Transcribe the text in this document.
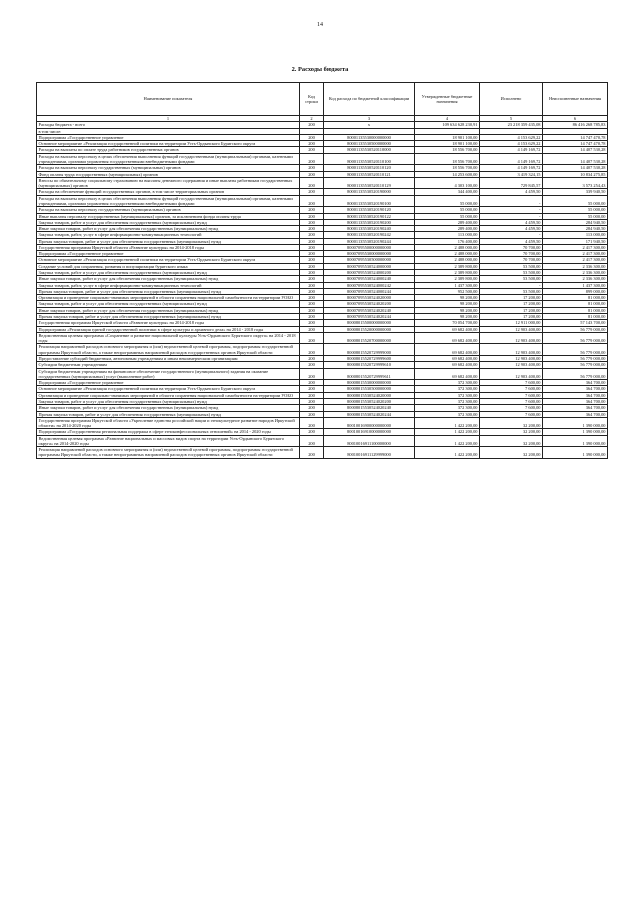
14
2. Расходы бюджета
Наименование показателя	Код строки	Код расхода по бюджетной классификации	Утвержденные бюджетные назначения	Исполнено	Неисполненные назначения
1	2	3	4	5	6
Расходы бюджета - всего	200	x	109 634 628 230,91	23 218 359 435,08	86 416 268 785,83
в том числе:					
Подпрограмма «Государственное управление	200	80001135530000000000	18 901 100,00	4 153 629,22	14 747 470,78
Основное мероприятие «Реализация государственной политики на территории Усть-Ордынского Бурятского округа	200	80001135530500000000	18 901 100,00	4 153 629,22	14 747 470,78
Расходы на выплаты по оплате труда работников государственных органов	200	80001135530520110000	18 556 700,00	4 149 169,72	14 407 530,28
Расходы на выплаты персоналу в целях обеспечения выполнения функций государственными (муниципальными) органами, казенными учреждениями, органами управления государственными внебюджетными фондами	200	80001135530520110100	18 556 700,00	4 149 169,72	14 407 530,28
Расходы на выплаты персоналу государственных (муниципальных) органов	200	80001135530520110120	18 556 700,00	4 149 169,72	14 407 530,28
Фонд оплаты труда государственных (муниципальных) органов	200	80001135530520110121	14 253 600,00	3 419 324,15	10 834 275,85
Взносы по обязательному социальному страхованию на выплаты денежного содержания и иные выплаты работникам государственных (муниципальных) органов	200	80001135530520110129	4 303 100,00	729 845,57	3 573 254,43
Расходы на обеспечение функций государственных органов, в том числе территориальных органов	200	80001135530520190000	344 400,00	4 459,50	339 940,50
Расходы на выплаты персоналу в целях обеспечения выполнения функций государственными (муниципальными) органами, казенными учреждениями, органами управления государственными внебюджетными фондами	200	80001135530520190100	55 000,00	-	55 000,00
Расходы на выплаты персоналу государственных (муниципальных) органов	200	80001135530520190120	55 000,00	-	55 000,00
Иные выплаты персоналу государственных (муниципальных) органов, за исключением фонда оплаты труда	200	80001135530520190122	55 000,00	-	55 000,00
Закупка товаров, работ и услуг для обеспечения государственных (муниципальных) нужд	200	80001135530520190200	289 400,00	4 459,50	284 940,50
Иные закупки товаров, работ и услуг для обеспечения государственных (муниципальных) нужд	200	80001135530520190240	289 400,00	4 459,50	284 940,50
Закупка товаров, работ, услуг в сфере информационно-коммуникационных технологий	200	80001135530520190242	113 000,00	-	113 000,00
Прочая закупка товаров, работ и услуг для обеспечения государственных (муниципальных) нужд	200	80001135530520190244	176 400,00	4 459,50	171 940,50
Государственная программа Иркутской области «Развитие культуры» на 2014-2018 годы	200	80007095500000000000	2 488 000,00	70 700,00	2 417 300,00
Подпрограмма «Государственное управление	200	80007095530000000000	2 488 000,00	70 700,00	2 417 300,00
Основное мероприятие «Реализация государственной политики на территории Усть-Ордынского Бурятского округа	200	80007095530500000000	2 488 000,00	70 700,00	2 417 300,00
Создание условий для сохранения, развития и популяризации бурятского языка	200	80007095530524000000	2 389 800,00	53 500,00	2 336 300,00
Закупка товаров, работ и услуг для обеспечения государственных (муниципальных) нужд	200	80007095530524000200	2 389 800,00	53 500,00	2 336 300,00
Иные закупки товаров, работ и услуг для обеспечения государственных (муниципальных) нужд	200	80007095530524000240	2 389 800,00	53 500,00	2 336 300,00
Закупка товаров, работ, услуг в сфере информационно-коммуникационных технологий	200	80007095530524000242	1 437 300,00	-	1 437 300,00
Прочая закупка товаров, работ и услуг для обеспечения государственных (муниципальных) нужд	200	80007095530524000244	952 500,00	53 500,00	899 000,00
Организация и проведение социально-значимых мероприятий в области сохранения национальной самобытности на территории УОБО	200	80007095530524020000	98 200,00	17 200,00	81 000,00
Закупка товаров, работ и услуг для обеспечения государственных (муниципальных) нужд	200	80007095530524020200	98 200,00	17 200,00	81 000,00
Иные закупки товаров, работ и услуг для обеспечения государственных (муниципальных) нужд	200	80007095530524020240	98 200,00	17 200,00	81 000,00
Прочая закупка товаров, работ и услуг для обеспечения государственных (муниципальных) нужд	200	80007095530524020244	98 200,00	17 200,00	81 000,00
Государственная программа Иркутской области «Развитие культуры» на 2014-2018 годы	200	80008015500000000000	70 054 700,00	12 911 000,00	57 143 700,00
Подпрограмма «Реализация единой государственной политики в сфере культуры и архивного дела» на 2014 - 2018 годы	200	80008015520000000000	69 682 400,00	12 903 400,00	56 779 000,00
Ведомственная целевая программа «Сохранение и развитие национальной культуры Усть-Ордынского Бурятского округа» на 2014 - 2018 годы	200	80008015520700000000	69 682 400,00	12 903 400,00	56 779 000,00
Реализация направлений расходов основного мероприятия и (или) ведомственной целевой программы, подпрограммы государственной программы Иркутской области, а также непрограммных направлений расходов государственных органов Иркутской области	200	80008015520729999000	69 682 400,00	12 903 400,00	56 779 000,00
Предоставление субсидий бюджетным, автономным учреждениям и иным некоммерческим организациям	200	80008015520729999600	69 682 400,00	12 903 400,00	56 779 000,00
Субсидии бюджетным учреждениям	200	80008015520729999610	69 682 400,00	12 903 400,00	56 779 000,00
Субсидии бюджетным учреждениям на финансовое обеспечение государственного (муниципального) задания на оказание государственных (муниципальных) услуг (выполнение работ)	200	80008015520729999611	69 682 400,00	12 903 400,00	56 779 000,00
Подпрограмма «Государственное управление	200	80008015530000000000	372 300,00	7 600,00	364 700,00
Основное мероприятие «Реализация государственной политики на территории Усть-Ордынского Бурятского округа	200	80008015530500000000	372 300,00	7 600,00	364 700,00
Организация и проведение социально-значимых мероприятий в области сохранения национальной самобытности на территории УОБО	200	80008015530524020000	372 300,00	7 600,00	364 700,00
Закупка товаров, работ и услуг для обеспечения государственных (муниципальных) нужд	200	80008015530524020200	372 300,00	7 600,00	364 700,00
Иные закупки товаров, работ и услуг для обеспечения государственных (муниципальных) нужд	200	80008015530524020240	372 300,00	7 600,00	364 700,00
Прочая закупка товаров, работ и услуг для обеспечения государственных (муниципальных) нужд	200	80008015530524020244	372 300,00	7 600,00	364 700,00
Государственная программа Иркутской области «Укрепление единства российской нации и этнокультурное развитие народов Иркутской области» на 2014-2020 годы	200	80010016900000000000	1 422 200,00	32 200,00	1 390 000,00
Подпрограмма «Государственная региональная поддержка в сфере этноконфессиональных отношений» на 2014 - 2020 годы	200	80010016910000000000	1 422 200,00	32 200,00	1 390 000,00
Ведомственная целевая программа «Развитие национальных и массовых видов спорта на территории Усть-Ордынского Бурятского округа» на 2014-2020 годы	200	80010016911100000000	1 422 200,00	32 200,00	1 390 000,00
Реализация направлений расходов основного мероприятия и (или) ведомственной целевой программы, подпрограммы государственной программы Иркутской области, а также непрограммных направлений расходов государственных органов Иркутской области	200	80010016911129999000	1 422 200,00	32 200,00	1 390 000,00
